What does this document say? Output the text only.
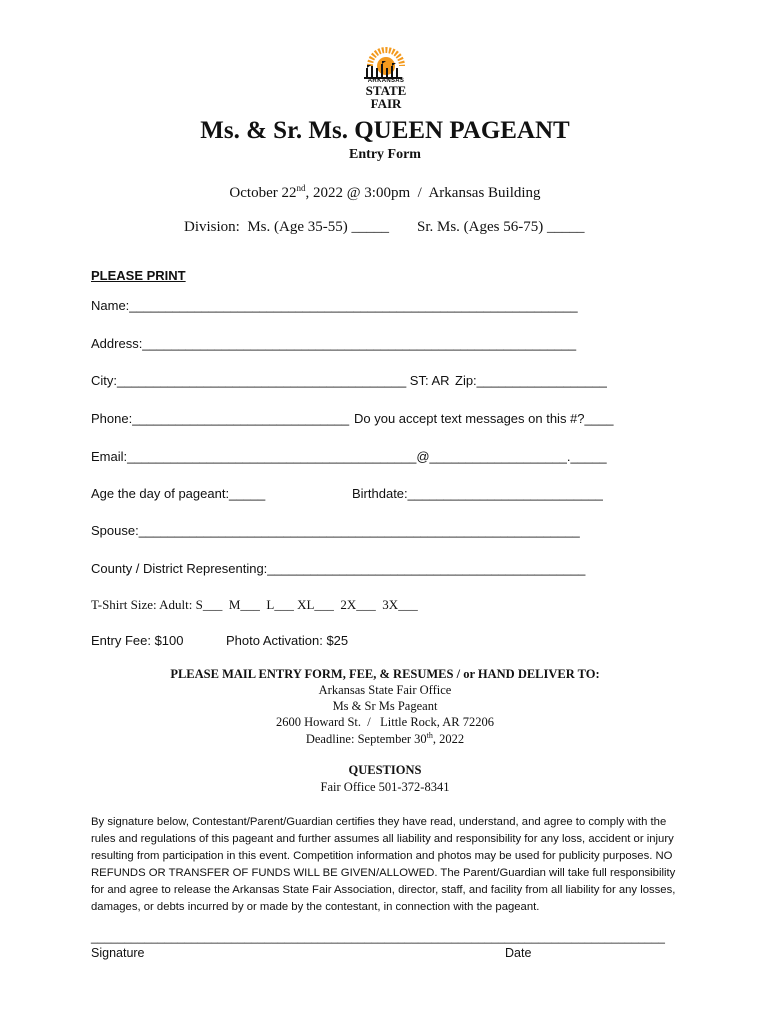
ARKANSAS
STATE
FAIR
Ms. & Sr. Ms. QUEEN PAGEANT
Entry Form
October 22nd, 2022 @ 3:00pm  /  Arkansas Building
Division:  Ms. (Age 35-55) _____ Sr. Ms. (Ages 56-75) _____
PLEASE PRINT
Name:______________________________________________________________
Address:____________________________________________________________
City:________________________________________ ST: AR Zip:__________________
Phone:______________________________ Do you accept text messages on this #?____
Email:________________________________________@___________________._____
Age the day of pageant:_____	Birthdate:___________________________
Spouse:_____________________________________________________________
County / District Representing:____________________________________________
T-Shirt Size: Adult: S___  M___  L___ XL___  2X___  3X___
Entry Fee: $100	Photo Activation: $25
PLEASE MAIL ENTRY FORM, FEE, & RESUMES / or HAND DELIVER TO:
Arkansas State Fair Office
Ms & Sr Ms Pageant
2600 Howard St.  /   Little Rock, AR 72206
Deadline: September 30th, 2022
QUESTIONS
Fair Office 501-372-8341
By signature below, Contestant/Parent/Guardian certifies they have read, understand, and agree to comply with the rules and regulations of this pageant and further assumes all liability and responsibility for any loss, accident or injury resulting from participation in this event. Competition information and photos may be used for publicity purposes. NO REFUNDS OR TRANSFER OF FUNDS WILL BE GIVEN/ALLOWED. The Parent/Guardian will take full responsibility for and agree to release the Arkansas State Fair Association, director, staff, and facility from all liability for any losses, damages, or debts incurred by or made by the contestant, in connection with the pageant.
______________________________________________________________________________________
Signature	Date
